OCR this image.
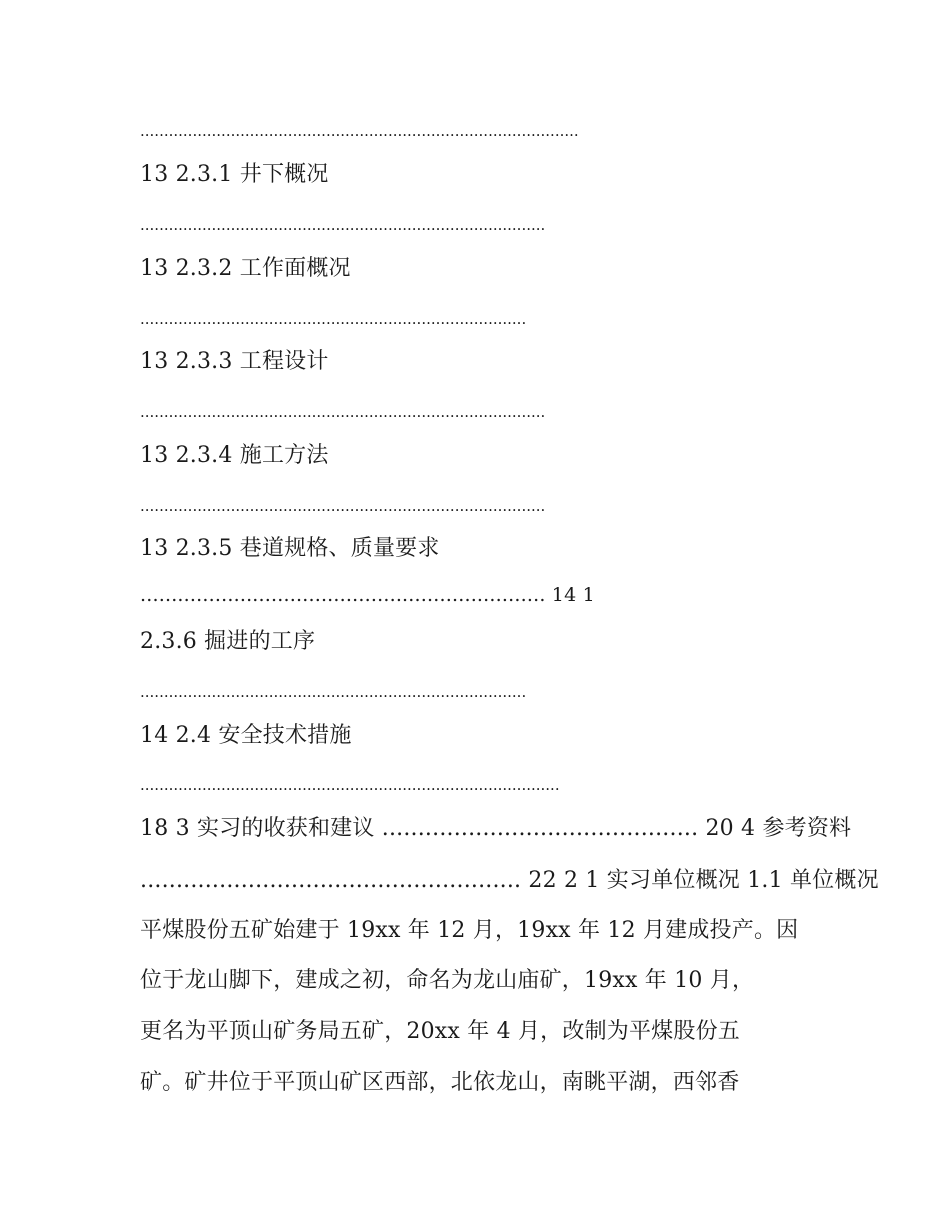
............................................................................................
13 2.3.1 井下概况
.....................................................................................
13 2.3.2 工作面概况
.................................................................................
13 2.3.3 工程设计
.....................................................................................
13 2.3.4 施工方法
.....................................................................................
13 2.3.5 巷道规格、质量要求
................................................................. 14 1
2.3.6 掘进的工序
.................................................................................
14 2.4 安全技术措施
........................................................................................
18 3 实习的收获和建议 ............................................ 20 4 参考资料
..................................................... 22 2 1 实习单位概况 1.1 单位概况
平煤股份五矿始建于 19xx 年 12 月，19xx 年 12 月建成投产。因
位于龙山脚下，建成之初，命名为龙山庙矿，19xx 年 10 月，
更名为平顶山矿务局五矿，20xx 年 4 月，改制为平煤股份五
矿。矿井位于平顶山矿区西部，北依龙山，南眺平湖，西邻香
